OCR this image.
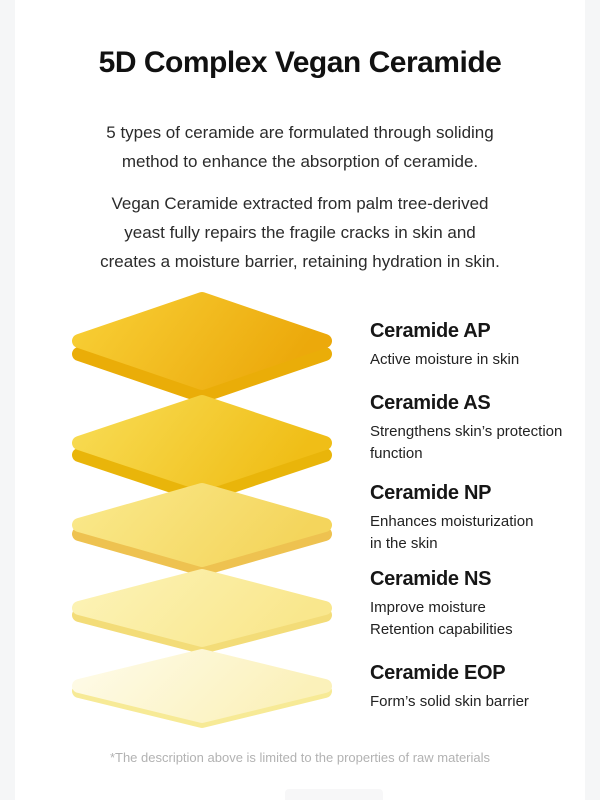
5D Complex Vegan Ceramide

5 types of ceramide are formulated through soliding
method to enhance the absorption of ceramide.

Vegan Ceramide extracted from palm tree-derived
yeast fully repairs the fragile cracks in skin and
creates a moisture barrier, retaining hydration in skin.

Ceramide AP
Active moisture in skin
Ceramide AS
Strengthens skin’s protection
function
Ceramide NP
Enhances moisturization
in the skin
Ceramide NS
Improve moisture
Retention capabilities
Ceramide EOP
Form’s solid skin barrier
*The description above is limited to the properties of raw materials
